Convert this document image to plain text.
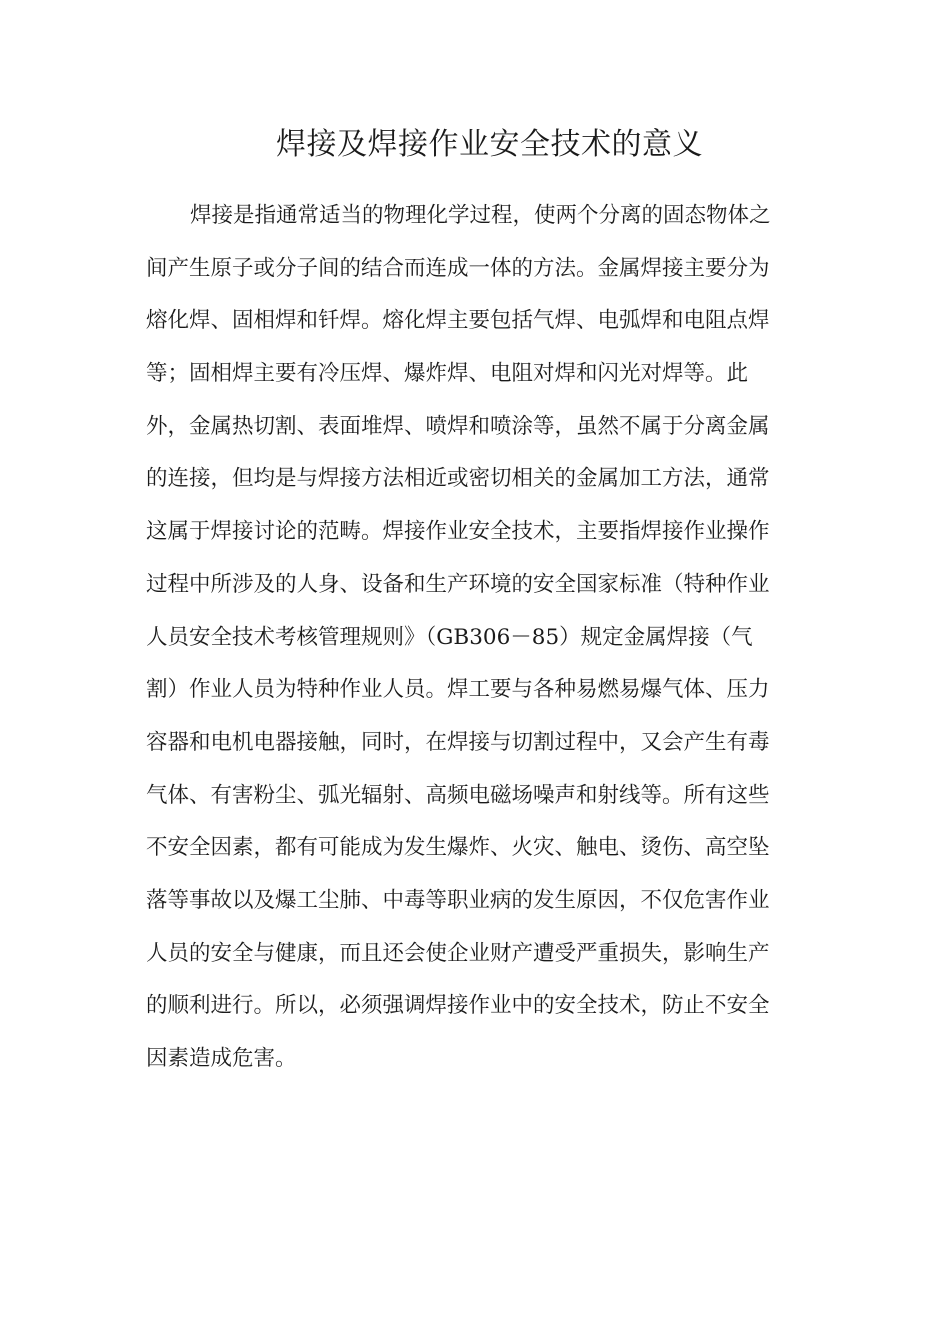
焊接及焊接作业安全技术的意义
焊接是指通常适当的物理化学过程，使两个分离的固态物体之
间产生原子或分子间的结合而连成一体的方法。金属焊接主要分为
熔化焊、固相焊和钎焊。熔化焊主要包括气焊、电弧焊和电阻点焊
等；固相焊主要有冷压焊、爆炸焊、电阻对焊和闪光对焊等。此
外，金属热切割、表面堆焊、喷焊和喷涂等，虽然不属于分离金属
的连接，但均是与焊接方法相近或密切相关的金属加工方法，通常
这属于焊接讨论的范畴。焊接作业安全技术，主要指焊接作业操作
过程中所涉及的人身、设备和生产环境的安全国家标准（特种作业
人员安全技术考核管理规则》（GB306－85）规定金属焊接（气
割）作业人员为特种作业人员。焊工要与各种易燃易爆气体、压力
容器和电机电器接触，同时，在焊接与切割过程中，又会产生有毒
气体、有害粉尘、弧光辐射、高频电磁场噪声和射线等。所有这些
不安全因素，都有可能成为发生爆炸、火灾、触电、烫伤、高空坠
落等事故以及爆工尘肺、中毒等职业病的发生原因，不仅危害作业
人员的安全与健康，而且还会使企业财产遭受严重损失，影响生产
的顺利进行。所以，必须强调焊接作业中的安全技术，防止不安全
因素造成危害。
